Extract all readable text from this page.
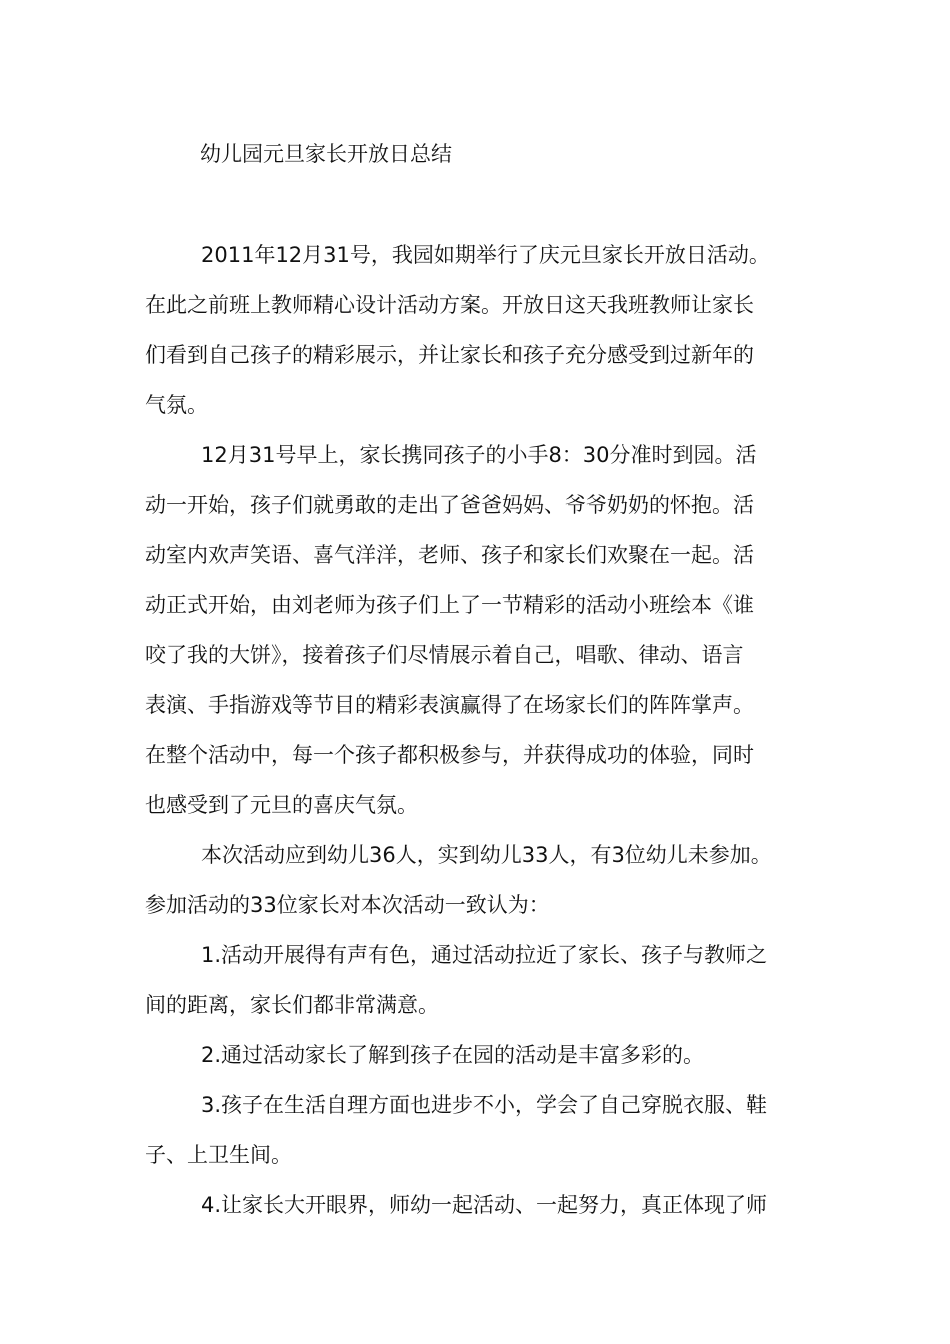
幼儿园元旦家长开放日总结
2011年12月31号，我园如期举行了庆元旦家长开放日活动。
在此之前班上教师精心设计活动方案。开放日这天我班教师让家长
们看到自己孩子的精彩展示，并让家长和孩子充分感受到过新年的
气氛。
12月31号早上，家长携同孩子的小手8：30分准时到园。活
动一开始，孩子们就勇敢的走出了爸爸妈妈、爷爷奶奶的怀抱。活
动室内欢声笑语、喜气洋洋，老师、孩子和家长们欢聚在一起。活
动正式开始，由刘老师为孩子们上了一节精彩的活动小班绘本《谁
咬了我的大饼》，接着孩子们尽情展示着自己，唱歌、律动、语言
表演、手指游戏等节目的精彩表演赢得了在场家长们的阵阵掌声。
在整个活动中，每一个孩子都积极参与，并获得成功的体验，同时
也感受到了元旦的喜庆气氛。
本次活动应到幼儿36人，实到幼儿33人，有3位幼儿未参加。
参加活动的33位家长对本次活动一致认为：
1.活动开展得有声有色，通过活动拉近了家长、孩子与教师之
间的距离，家长们都非常满意。
2.通过活动家长了解到孩子在园的活动是丰富多彩的。
3.孩子在生活自理方面也进步不小，学会了自己穿脱衣服、鞋
子、上卫生间。
4.让家长大开眼界，师幼一起活动、一起努力，真正体现了师
